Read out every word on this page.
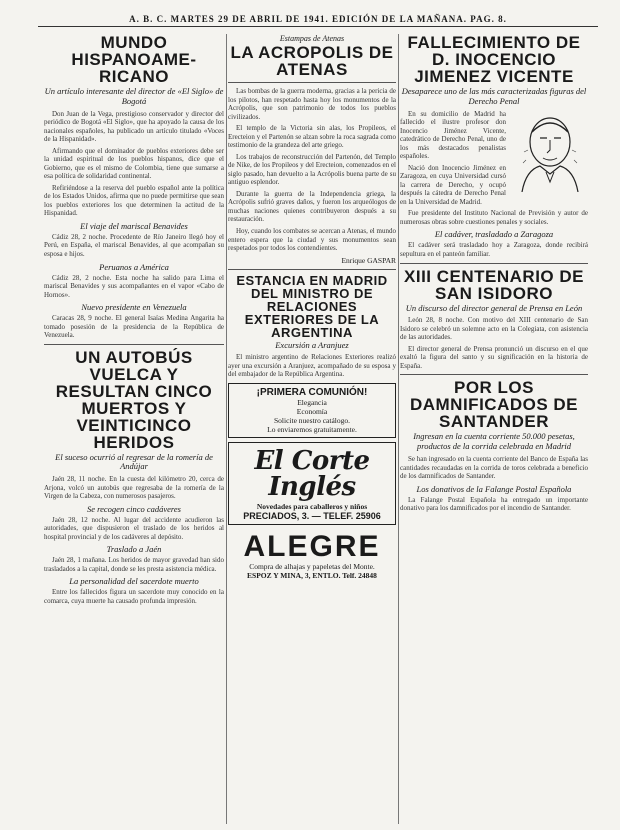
A. B. C. MARTES 29 DE ABRIL DE 1941. EDICIÓN DE LA MAÑANA. PAG. 8.
MUNDO HISPANOAME-RICANO
Un artículo interesante del director de «El Siglo» de Bogotá

Don Juan de la Vega, prestigioso conservador y director del periódico de Bogotá «El Siglo», que ha apoyado la causa de los nacionales españoles, ha publicado un artículo titulado «Voces de la Hispanidad».

Afirmando que el dominador de pueblos exteriores debe ser la unidad espiritual de los pueblos hispanos, dice que el Gobierno, que es el mismo de Colombia, tiene que sumarse a esa política de solidaridad continental.

Refiriéndose a la reserva del pueblo español ante la política de los Estados Unidos, afirma que no puede permitirse que sean los pueblos exteriores los que determinen la actitud de la Hispanidad.

El viaje del mariscal Benavides

Cádiz 28, 2 noche. Procedente de Río Janeiro llegó hoy el Perú, en España, el mariscal Benavides, al que acompañan su esposa e hijos.

Peruanos a América

Cádiz 28, 2 noche. Esta noche ha salido para Lima el mariscal Benavides y sus acompañantes en el vapor «Cabo de Hornos».

Nuevo presidente en Venezuela

Caracas 28, 9 noche. El general Isaías Medina Angarita ha tomado posesión de la presidencia de la República de Venezuela.

UN AUTOBÚS VUELCA Y RESULTAN CINCO MUERTOS Y VEINTICINCO HERIDOS
El suceso ocurrió al regresar de la romería de Andújar

Jaén 28, 11 noche. En la cuesta del kilómetro 20, cerca de Arjona, volcó un autobús que regresaba de la romería de la Virgen de la Cabeza, con numerosos pasajeros.

Se recogen cinco cadáveres

Jaén 28, 12 noche. Al lugar del accidente acudieron las autoridades, que dispusieron el traslado de los heridos al hospital provincial y de los cadáveres al depósito.

Traslado a Jaén

Jaén 28, 1 mañana. Los heridos de mayor gravedad han sido trasladados a la capital, donde se les presta asistencia médica.

La personalidad del sacerdote muerto

Entre los fallecidos figura un sacerdote muy conocido en la comarca, cuya muerte ha causado profunda impresión.

Estampas de Atenas
LA ACROPOLIS DE ATENAS

Las bombas de la guerra moderna, gracias a la pericia de los pilotos, han respetado hasta hoy los monumentos de la Acrópolis, que son patrimonio de todos los pueblos civilizados.

El templo de la Victoria sin alas, los Propileos, el Erecteion y el Partenón se alzan sobre la roca sagrada como testimonio de la grandeza del arte griego.

Los trabajos de reconstrucción del Partenón, del Templo de Nike, de los Propileos y del Erecteion, comenzados en el siglo pasado, han devuelto a la Acrópolis buena parte de su antiguo esplendor.

Durante la guerra de la Independencia griega, la Acrópolis sufrió graves daños, y fueron los arqueólogos de muchas naciones quienes contribuyeron después a su restauración.

Hoy, cuando los combates se acercan a Atenas, el mundo entero espera que la ciudad y sus monumentos sean respetados por todos los contendientes.

Enrique GASPAR
ESTANCIA EN MADRID DEL MINISTRO DE RELACIONES EXTERIORES DE LA ARGENTINA
Excursión a Aranjuez

El ministro argentino de Relaciones Exteriores realizó ayer una excursión a Aranjuez, acompañado de su esposa y del embajador de la República Argentina.

¡PRIMERA COMUNIÓN!
Elegancia
Economía
Solicite nuestro catálogo.
Lo enviaremos gratuitamente.
El Corte Inglés
Novedades para caballeros y niños
PRECIADOS, 3. — TELEF. 25906
ALEGRE
Compra de alhajas y papeletas del Monte.
ESPOZ Y MINA, 3, ENTLO. Telf. 24848
FALLECIMIENTO DE D. INOCENCIO JIMENEZ VICENTE
Desaparece uno de las más caracterizadas figuras del Derecho Penal

En su domicilio de Madrid ha fallecido el ilustre profesor don Inocencio Jiménez Vicente, catedrático de Derecho Penal, uno de los más destacados penalistas españoles.

Nació don Inocencio Jiménez en Zaragoza, en cuya Universidad cursó la carrera de Derecho, y ocupó después la cátedra de Derecho Penal en la Universidad de Madrid.

Fue presidente del Instituto Nacional de Previsión y autor de numerosas obras sobre cuestiones penales y sociales.

El cadáver, trasladado a Zaragoza

El cadáver será trasladado hoy a Zaragoza, donde recibirá sepultura en el panteón familiar.

XIII CENTENARIO DE SAN ISIDORO
Un discurso del director general de Prensa en León

León 28, 8 noche. Con motivo del XIII centenario de San Isidoro se celebró un solemne acto en la Colegiata, con asistencia de las autoridades.

El director general de Prensa pronunció un discurso en el que exaltó la figura del santo y su significación en la historia de España.

POR LOS DAMNIFICADOS DE SANTANDER
Ingresan en la cuenta corriente 50.000 pesetas, productos de la corrida celebrada en Madrid

Se han ingresado en la cuenta corriente del Banco de España las cantidades recaudadas en la corrida de toros celebrada a beneficio de los damnificados de Santander.

Los donativos de la Falange Postal Española

La Falange Postal Española ha entregado un importante donativo para los damnificados por el incendio de Santander.
